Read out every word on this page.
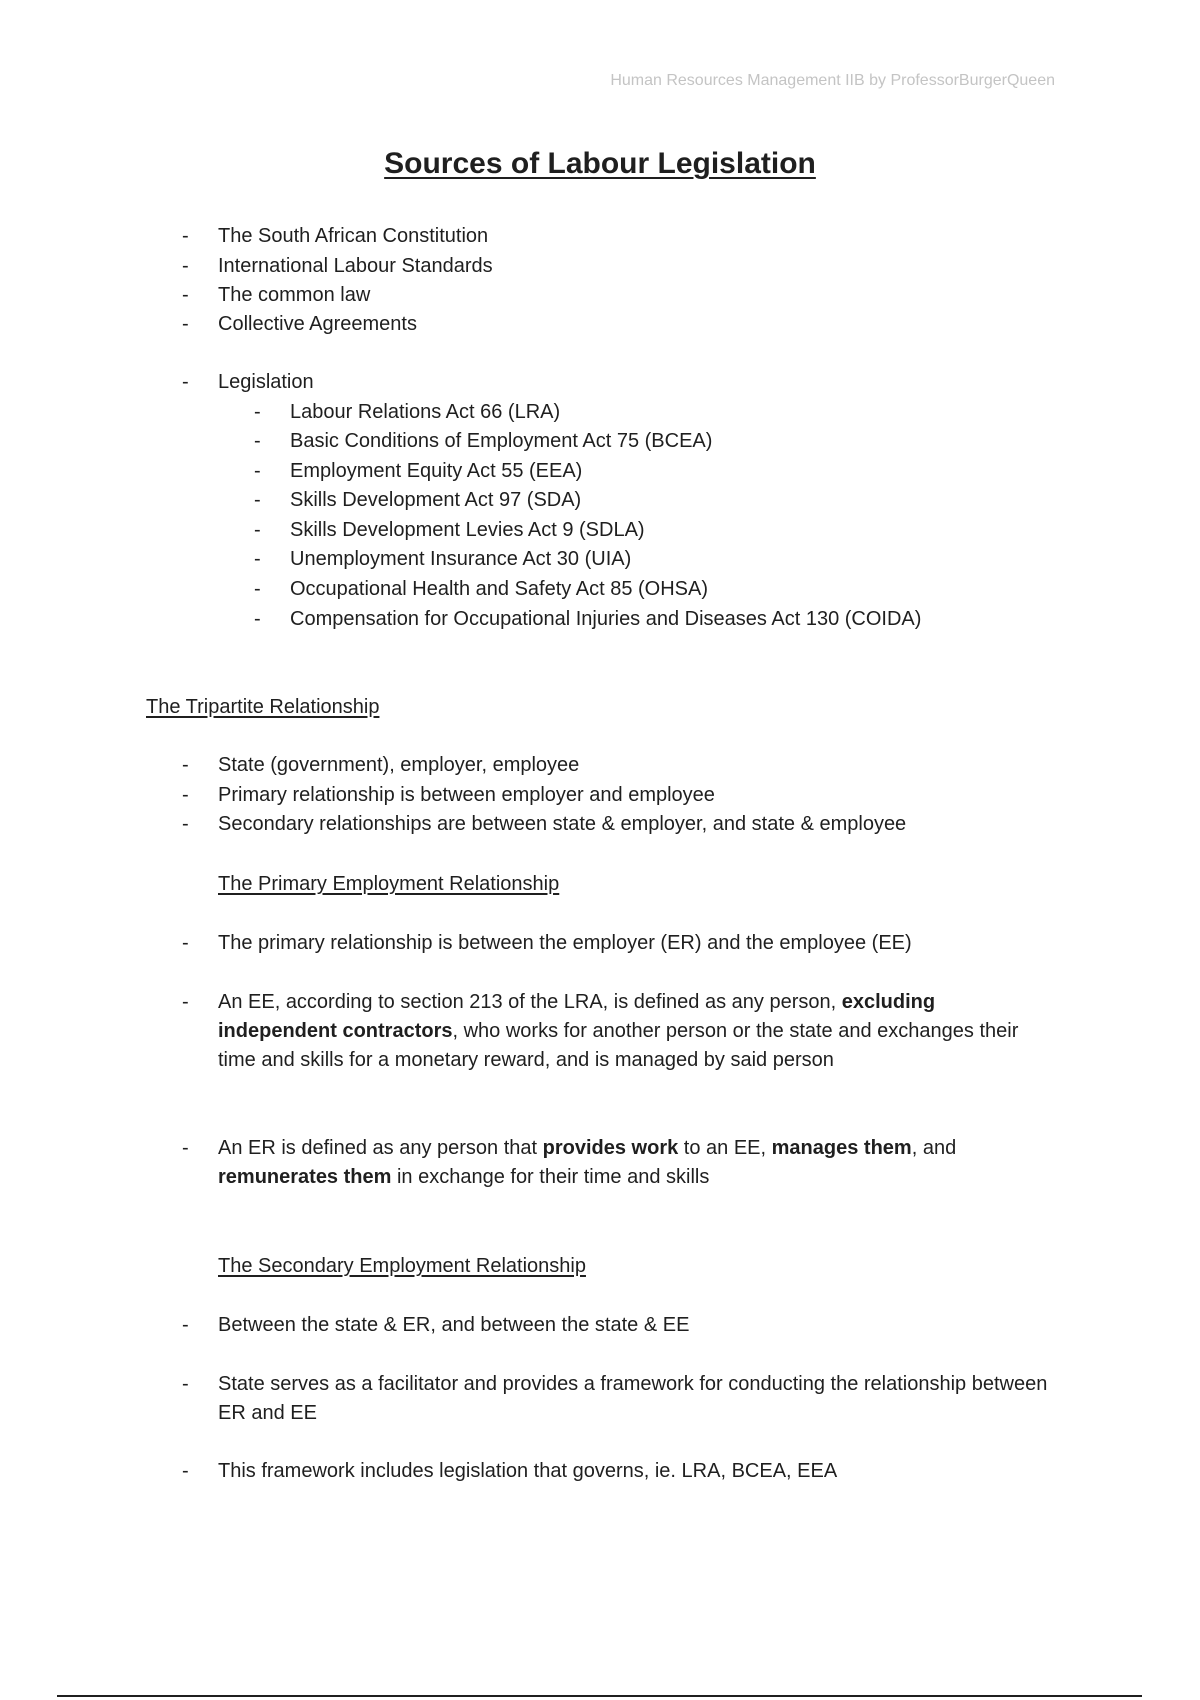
Human Resources Management IIB by ProfessorBurgerQueen
Sources of Labour Legislation
- The South African Constitution
- International Labour Standards
- The common law
- Collective Agreements
- Legislation
- Labour Relations Act 66 (LRA)
- Basic Conditions of Employment Act 75 (BCEA)
- Employment Equity Act 55 (EEA)
- Skills Development Act 97 (SDA)
- Skills Development Levies Act 9 (SDLA)
- Unemployment Insurance Act 30 (UIA)
- Occupational Health and Safety Act 85 (OHSA)
- Compensation for Occupational Injuries and Diseases Act 130 (COIDA)
The Tripartite Relationship
- State (government), employer, employee
- Primary relationship is between employer and employee
- Secondary relationships are between state & employer, and state & employee
The Primary Employment Relationship
- The primary relationship is between the employer (ER) and the employee (EE)
- An EE, according to section 213 of the LRA, is defined as any person, excluding independent contractors, who works for another person or the state and exchanges their time and skills for a monetary reward, and is managed by said person
- An ER is defined as any person that provides work to an EE, manages them, and remunerates them in exchange for their time and skills
The Secondary Employment Relationship
- Between the state & ER, and between the state & EE
- State serves as a facilitator and provides a framework for conducting the relationship between ER and EE
- This framework includes legislation that governs, ie. LRA, BCEA, EEA
